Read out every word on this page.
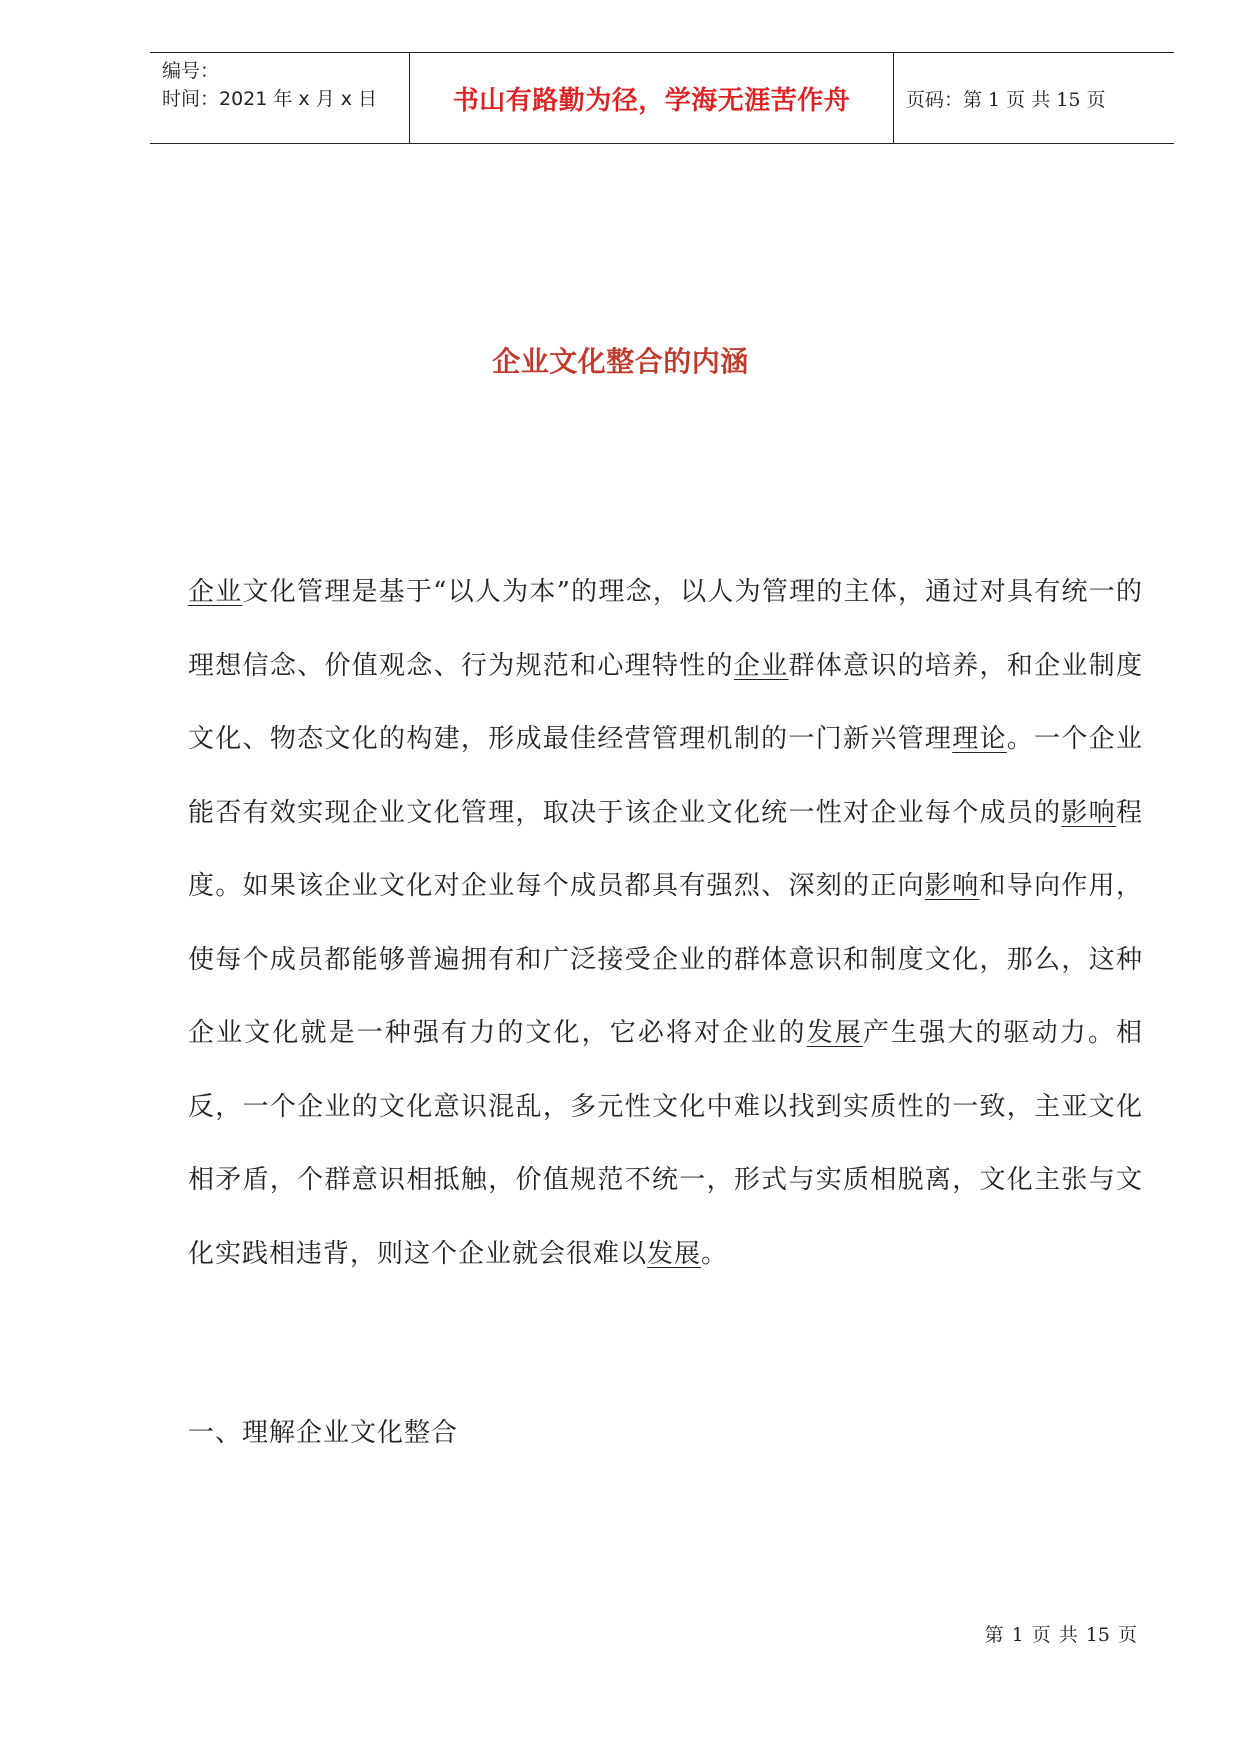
编号：
时间：2021 年 x 月 x 日	书山有路勤为径，学海无涯苦作舟	页码：第 1 页 共 15 页
企业文化整合的内涵
企业文化管理是基于“以人为本”的理念，以人为管理的主体，通过对具有统一的理想信念、价值观念、行为规范和心理特性的企业群体意识的培养，和企业制度文化、物态文化的构建，形成最佳经营管理机制的一门新兴管理理论。一个企业能否有效实现企业文化管理，取决于该企业文化统一性对企业每个成员的影响程度。如果该企业文化对企业每个成员都具有强烈、深刻的正向影响和导向作用，使每个成员都能够普遍拥有和广泛接受企业的群体意识和制度文化，那么，这种企业文化就是一种强有力的文化，它必将对企业的发展产生强大的驱动力。相反，一个企业的文化意识混乱，多元性文化中难以找到实质性的一致，主亚文化相矛盾，个群意识相抵触，价值规范不统一，形式与实质相脱离，文化主张与文化实践相违背，则这个企业就会很难以发展。
一、理解企业文化整合
第 1 页 共 15 页
